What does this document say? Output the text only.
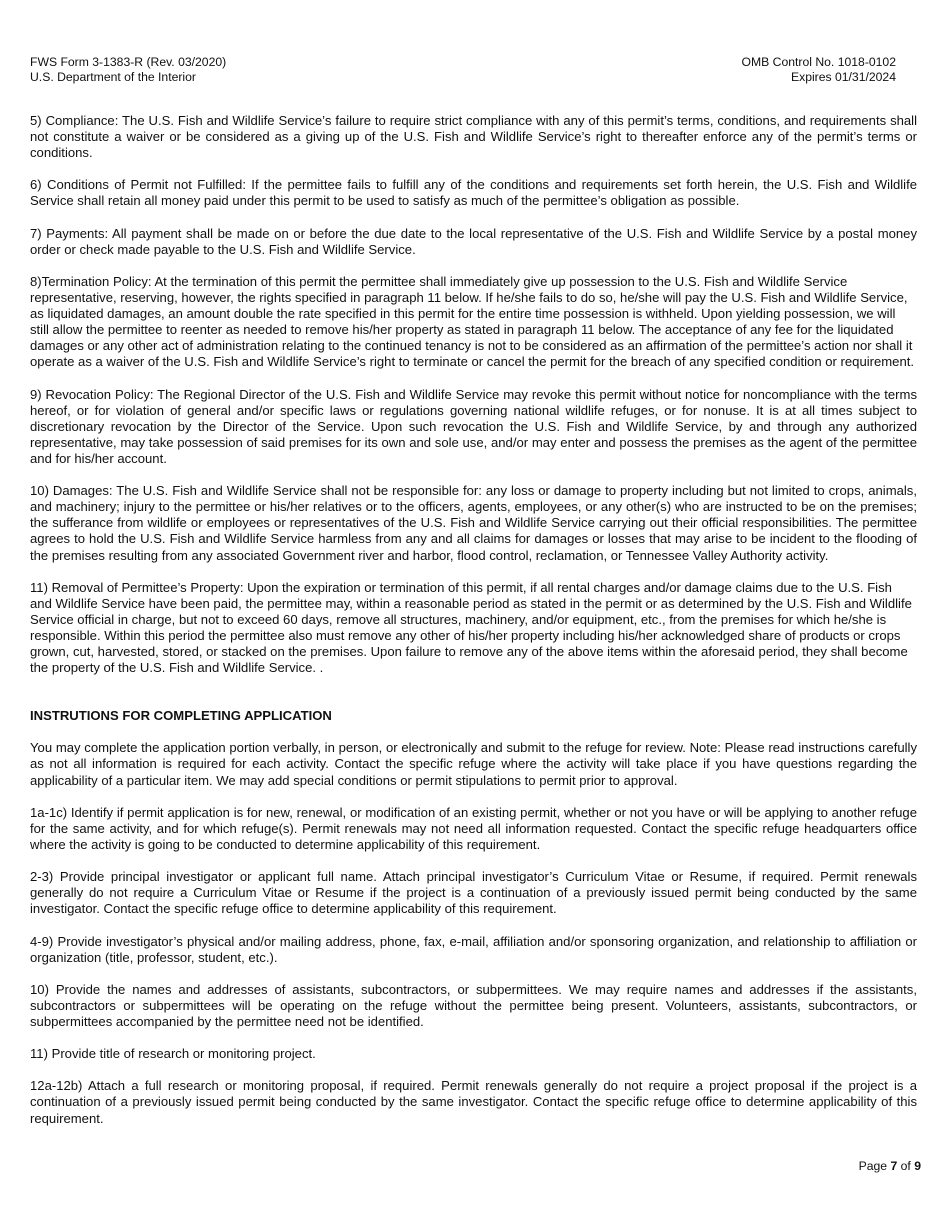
FWS Form 3-1383-R (Rev. 03/2020)
U.S. Department of the Interior
OMB Control No. 1018-0102
Expires 01/31/2024

5) Compliance: The U.S. Fish and Wildlife Service’s failure to require strict compliance with any of this permit’s terms, conditions, and requirements shall not constitute a waiver or be considered as a giving up of the U.S. Fish and Wildlife Service’s right to thereafter enforce any of the permit’s terms or conditions.

6) Conditions of Permit not Fulfilled: If the permittee fails to fulfill any of the conditions and requirements set forth herein, the U.S. Fish and Wildlife Service shall retain all money paid under this permit to be used to satisfy as much of the permittee’s obligation as possible.

7) Payments: All payment shall be made on or before the due date to the local representative of the U.S. Fish and Wildlife Service by a postal money order or check made payable to the U.S. Fish and Wildlife Service.

8)Termination Policy: At the termination of this permit the permittee shall immediately give up possession to the U.S. Fish and Wildlife Service representative, reserving, however, the rights specified in paragraph 11 below. If he/she fails to do so, he/she will pay the U.S. Fish and Wildlife Service, as liquidated damages, an amount double the rate specified in this permit for the entire time possession is withheld. Upon yielding possession, we will still allow the permittee to reenter as needed to remove his/her property as stated in paragraph 11 below. The acceptance of any fee for the liquidated damages or any other act of administration relating to the continued tenancy is not to be considered as an affirmation of the permittee’s action nor shall it operate as a waiver of the U.S. Fish and Wildlife Service’s right to terminate or cancel the permit for the breach of any specified condition or requirement.

9) Revocation Policy: The Regional Director of the U.S. Fish and Wildlife Service may revoke this permit without notice for noncompliance with the terms hereof, or for violation of general and/or specific laws or regulations governing national wildlife refuges, or for nonuse. It is at all times subject to discretionary revocation by the Director of the Service. Upon such revocation the U.S. Fish and Wildlife Service, by and through any authorized representative, may take possession of said premises for its own and sole use, and/or may enter and possess the premises as the agent of the permittee and for his/her account.

10) Damages: The U.S. Fish and Wildlife Service shall not be responsible for: any loss or damage to property including but not limited to crops, animals, and machinery; injury to the permittee or his/her relatives or to the officers, agents, employees, or any other(s) who are instructed to be on the premises; the sufferance from wildlife or employees or representatives of the U.S. Fish and Wildlife Service carrying out their official responsibilities. The permittee agrees to hold the U.S. Fish and Wildlife Service harmless from any and all claims for damages or losses that may arise to be incident to the flooding of the premises resulting from any associated Government river and harbor, flood control, reclamation, or Tennessee Valley Authority activity.

11) Removal of Permittee’s Property: Upon the expiration or termination of this permit, if all rental charges and/or damage claims due to the U.S. Fish and Wildlife Service have been paid, the permittee may, within a reasonable period as stated in the permit or as determined by the U.S. Fish and Wildlife Service official in charge, but not to exceed 60 days, remove all structures, machinery, and/or equipment, etc., from the premises for which he/she is responsible. Within this period the permittee also must remove any other of his/her property including his/her acknowledged share of products or crops grown, cut, harvested, stored, or stacked on the premises. Upon failure to remove any of the above items within the aforesaid period, they shall become the property of the U.S. Fish and Wildlife Service. .

INSTRUTIONS FOR COMPLETING APPLICATION

You may complete the application portion verbally, in person, or electronically and submit to the refuge for review. Note: Please read instructions carefully as not all information is required for each activity. Contact the specific refuge where the activity will take place if you have questions regarding the applicability of a particular item. We may add special conditions or permit stipulations to permit prior to approval.

1a-1c) Identify if permit application is for new, renewal, or modification of an existing permit, whether or not you have or will be applying to another refuge for the same activity, and for which refuge(s). Permit renewals may not need all information requested. Contact the specific refuge headquarters office where the activity is going to be conducted to determine applicability of this requirement.

2-3) Provide principal investigator or applicant full name. Attach principal investigator’s Curriculum Vitae or Resume, if required. Permit renewals generally do not require a Curriculum Vitae or Resume if the project is a continuation of a previously issued permit being conducted by the same investigator. Contact the specific refuge office to determine applicability of this requirement.

4-9) Provide investigator’s physical and/or mailing address, phone, fax, e-mail, affiliation and/or sponsoring organization, and relationship to affiliation or organization (title, professor, student, etc.).

10) Provide the names and addresses of assistants, subcontractors, or subpermittees. We may require names and addresses if the assistants, subcontractors or subpermittees will be operating on the refuge without the permittee being present. Volunteers, assistants, subcontractors, or subpermittees accompanied by the permittee need not be identified.

11) Provide title of research or monitoring project.

12a-12b) Attach a full research or monitoring proposal, if required. Permit renewals generally do not require a project proposal if the project is a continuation of a previously issued permit being conducted by the same investigator. Contact the specific refuge office to determine applicability of this requirement.

Page 7 of 9
